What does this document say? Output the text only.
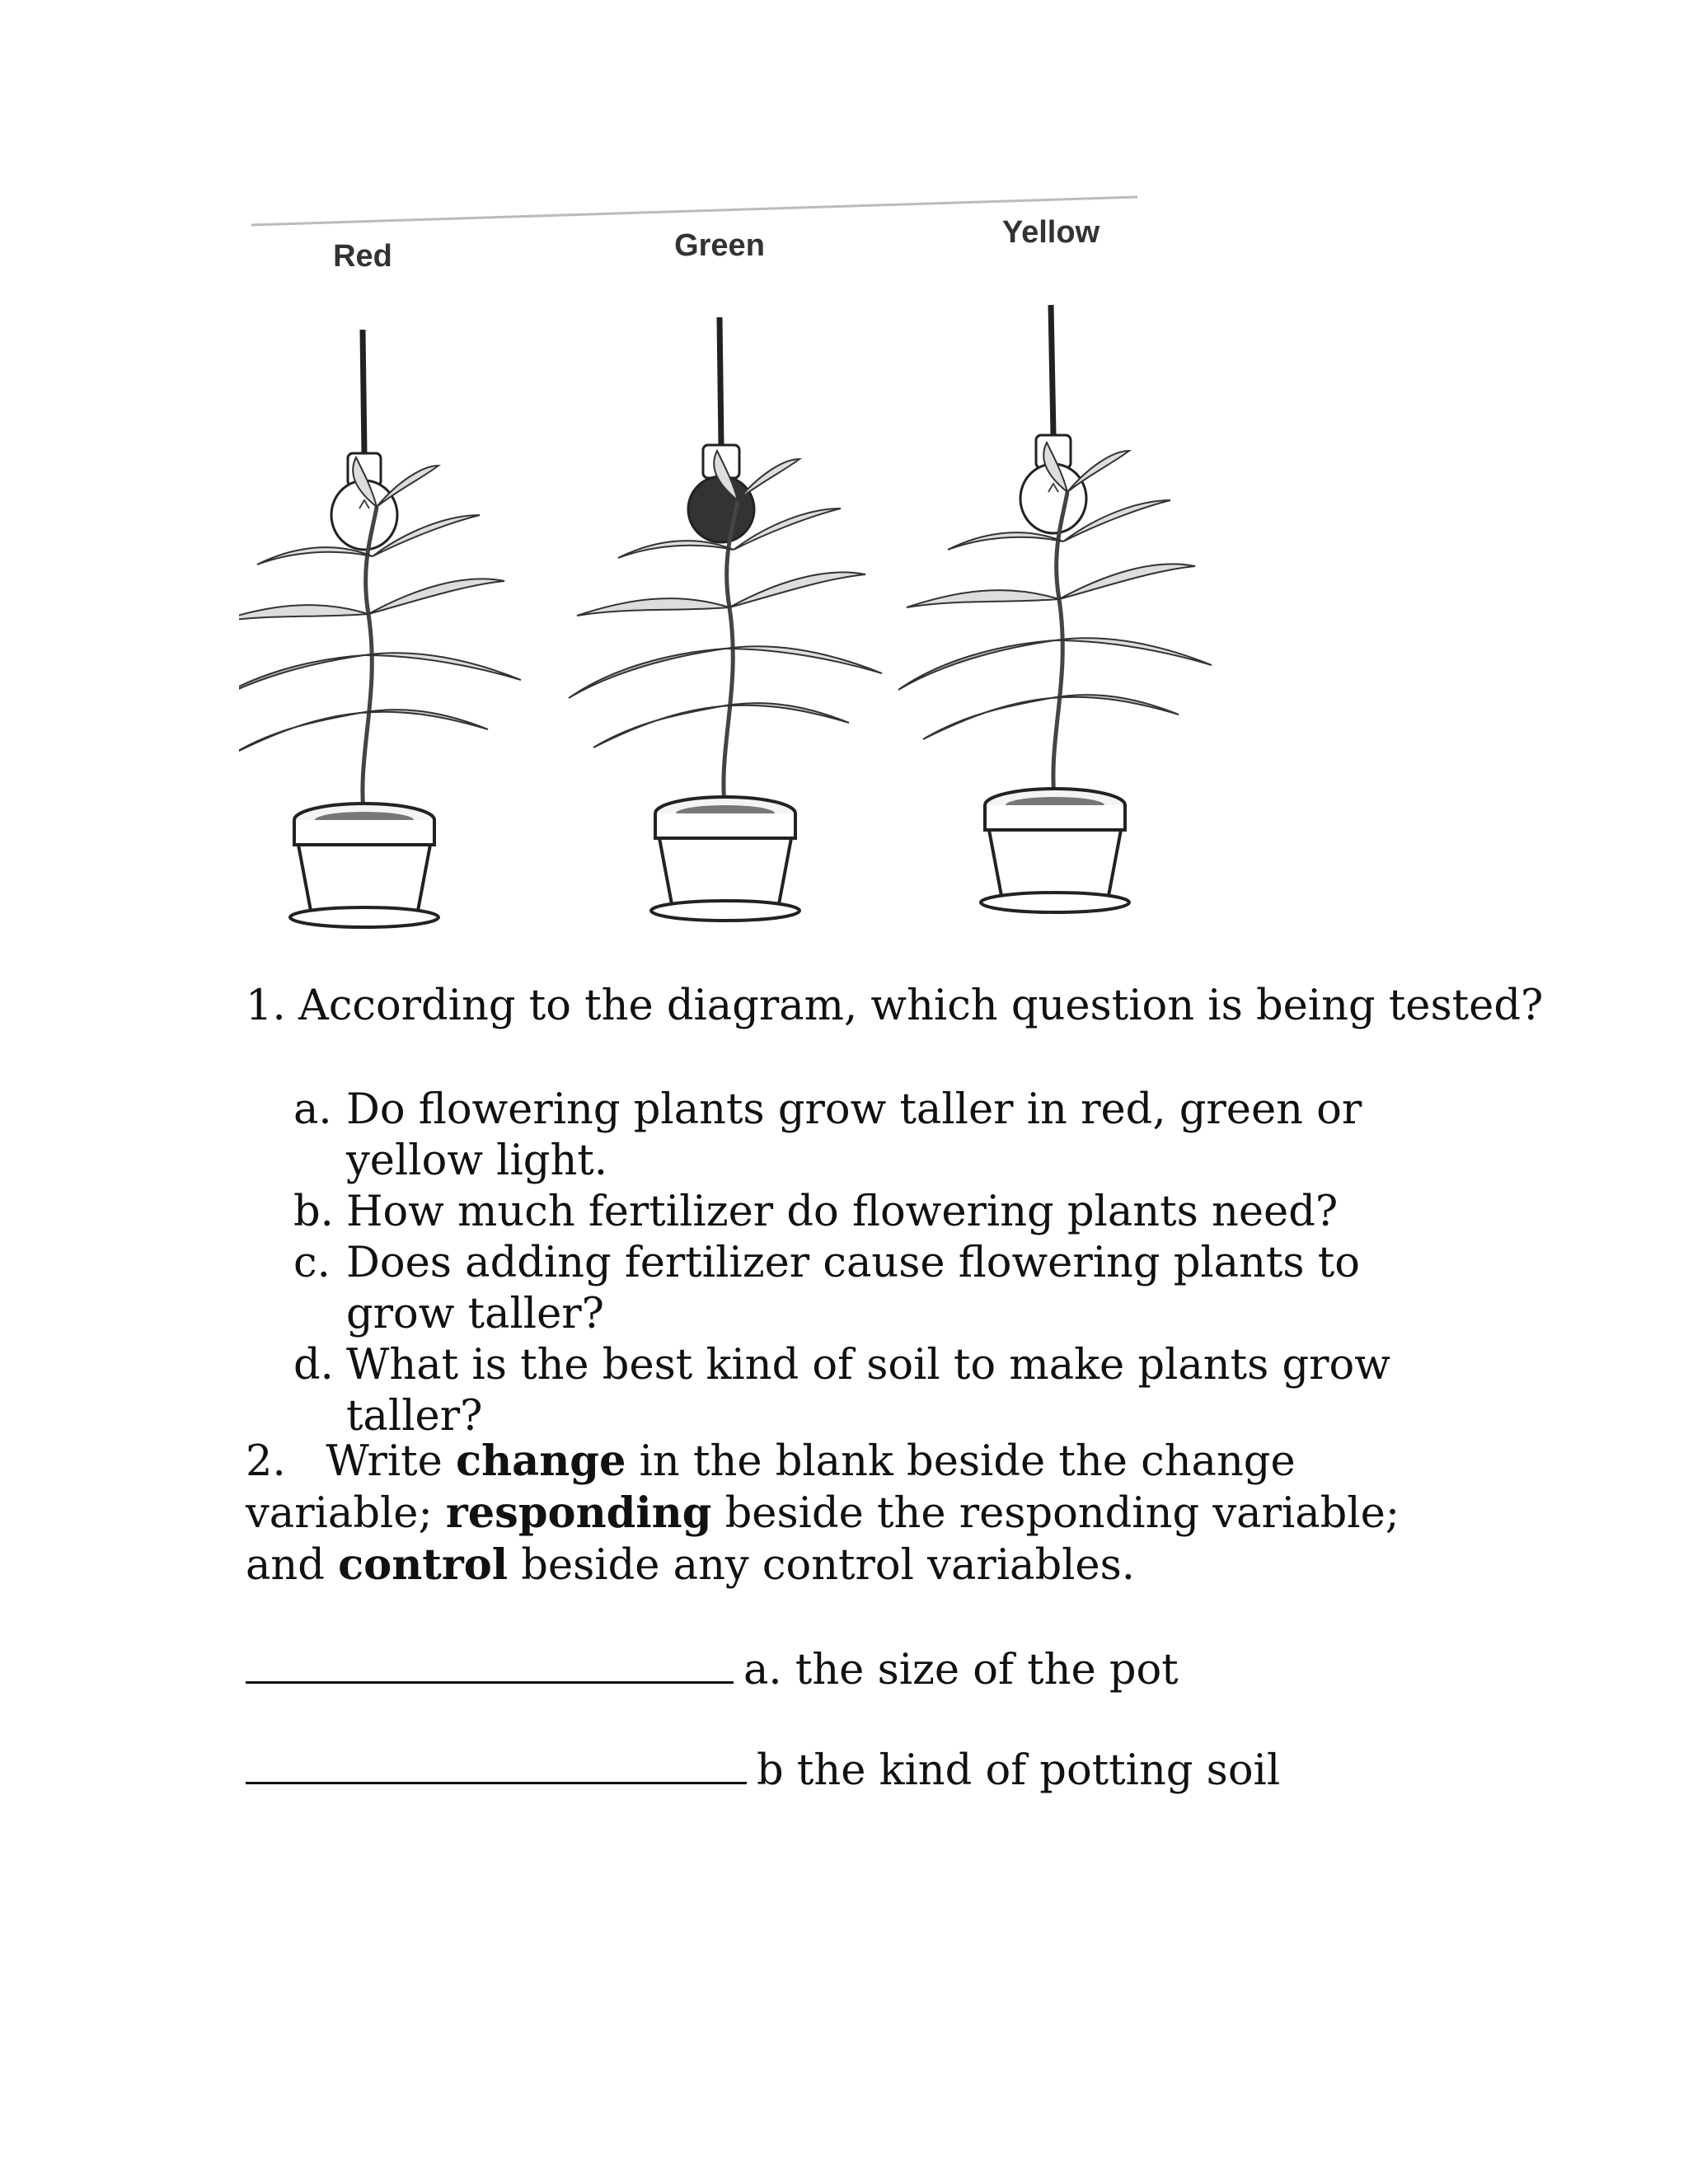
Red	Green	Yellow
1. According to the diagram, which question is being tested?
a. Do flowering plants grow taller in red, green or yellow light.
b. How much fertilizer do flowering plants need?
c. Does adding fertilizer cause flowering plants to grow taller?
d. What is the best kind of soil to make plants grow taller?
2. Write change in the blank beside the change variable; responding beside the responding variable; and control beside any control variables.
a. the size of the pot
b the kind of potting soil
